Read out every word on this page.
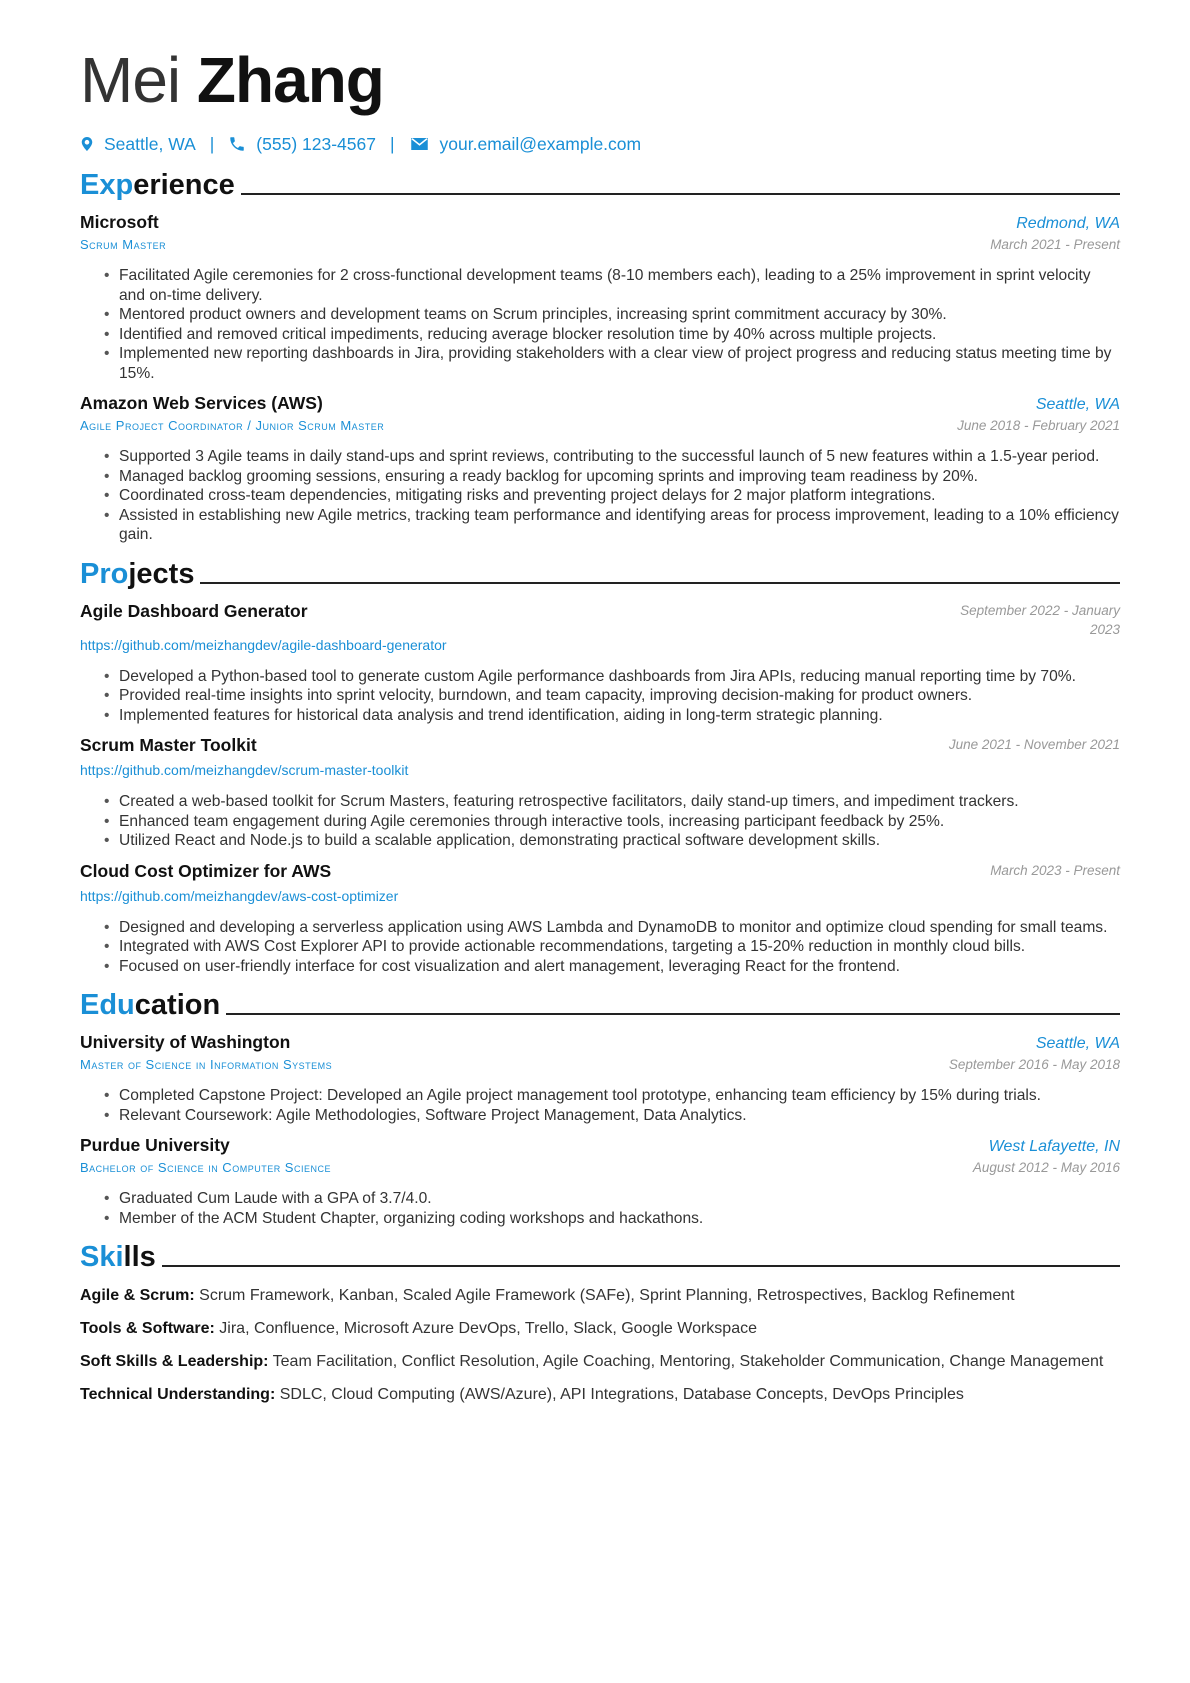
Mei Zhang
Seattle, WA | (555) 123-4567 |	your.email@example.com
Experience
Microsoft	Redmond, WA
Scrum Master	March 2021 - Present
• Facilitated Agile ceremonies for 2 cross-functional development teams (8-10 members each), leading to a 25% improvement in sprint velocity and on-time delivery.
• Mentored product owners and development teams on Scrum principles, increasing sprint commitment accuracy by 30%.
• Identified and removed critical impediments, reducing average blocker resolution time by 40% across multiple projects.
• Implemented new reporting dashboards in Jira, providing stakeholders with a clear view of project progress and reducing status meeting time by 15%.
Amazon Web Services (AWS)	Seattle, WA
Agile Project Coordinator / Junior Scrum Master	June 2018 - February 2021
• Supported 3 Agile teams in daily stand-ups and sprint reviews, contributing to the successful launch of 5 new features within a 1.5-year period.
• Managed backlog grooming sessions, ensuring a ready backlog for upcoming sprints and improving team readiness by 20%.
• Coordinated cross-team dependencies, mitigating risks and preventing project delays for 2 major platform integrations.
• Assisted in establishing new Agile metrics, tracking team performance and identifying areas for process improvement, leading to a 10% efficiency gain.
Projects
Agile Dashboard Generator	September 2022 - January 2023
https://github.com/meizhangdev/agile-dashboard-generator
• Developed a Python-based tool to generate custom Agile performance dashboards from Jira APIs, reducing manual reporting time by 70%.
• Provided real-time insights into sprint velocity, burndown, and team capacity, improving decision-making for product owners.
• Implemented features for historical data analysis and trend identification, aiding in long-term strategic planning.
Scrum Master Toolkit	June 2021 - November 2021
https://github.com/meizhangdev/scrum-master-toolkit
• Created a web-based toolkit for Scrum Masters, featuring retrospective facilitators, daily stand-up timers, and impediment trackers.
• Enhanced team engagement during Agile ceremonies through interactive tools, increasing participant feedback by 25%.
• Utilized React and Node.js to build a scalable application, demonstrating practical software development skills.
Cloud Cost Optimizer for AWS	March 2023 - Present
https://github.com/meizhangdev/aws-cost-optimizer
• Designed and developing a serverless application using AWS Lambda and DynamoDB to monitor and optimize cloud spending for small teams.
• Integrated with AWS Cost Explorer API to provide actionable recommendations, targeting a 15-20% reduction in monthly cloud bills.
• Focused on user-friendly interface for cost visualization and alert management, leveraging React for the frontend.
Education
University of Washington	Seattle, WA
Master of Science in Information Systems	September 2016 - May 2018
• Completed Capstone Project: Developed an Agile project management tool prototype, enhancing team efficiency by 15% during trials.
• Relevant Coursework: Agile Methodologies, Software Project Management, Data Analytics.
Purdue University	West Lafayette, IN
Bachelor of Science in Computer Science	August 2012 - May 2016
• Graduated Cum Laude with a GPA of 3.7/4.0.
• Member of the ACM Student Chapter, organizing coding workshops and hackathons.
Skills
Agile & Scrum: Scrum Framework, Kanban, Scaled Agile Framework (SAFe), Sprint Planning, Retrospectives, Backlog Refinement
Tools & Software: Jira, Confluence, Microsoft Azure DevOps, Trello, Slack, Google Workspace
Soft Skills & Leadership: Team Facilitation, Conflict Resolution, Agile Coaching, Mentoring, Stakeholder Communication, Change Management
Technical Understanding: SDLC, Cloud Computing (AWS/Azure), API Integrations, Database Concepts, DevOps Principles
